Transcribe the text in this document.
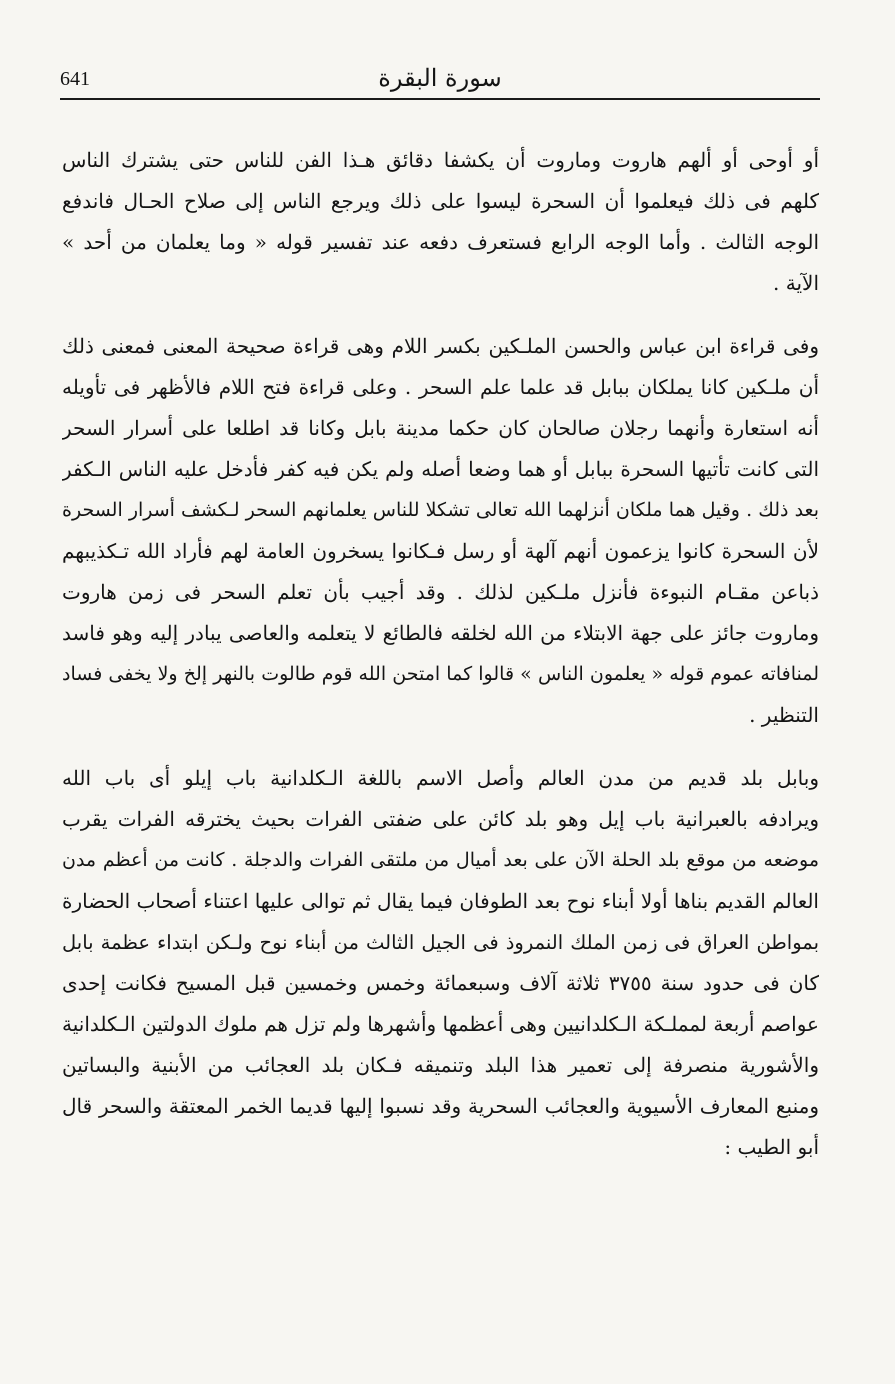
641	سورة البقرة
أو أوحى أو ألهم هاروت وماروت أن يكشفا دقائق هـذا الفن للناس حتى يشترك الناس
كلهم فى ذلك فيعلموا أن السحرة ليسوا على ذلك ويرجع الناس إلى صلاح الحـال فاندفع
الوجه الثالث . وأما الوجه الرابع فستعرف دفعه عند تفسير قوله « وما يعلمان من أحد »
الآية .
وفى قراءة ابن عباس والحسن الملـكين بكسر اللام وهى قراءة صحيحة المعنى فمعنى ذلك
أن ملـكين كانا يملكان ببابل قد علما علم السحر . وعلى قراءة فتح اللام فالأظهر فى تأويله
أنه استعارة وأنهما رجلان صالحان كان حكما مدينة بابل وكانا قد اطلعا على أسرار السحر
التى كانت تأتيها السحرة ببابل أو هما وضعا أصله ولم يكن فيه كفر فأدخل عليه الناس الـكفر
بعد ذلك . وقيل هما ملكان أنزلهما الله تعالى تشكلا للناس يعلمانهم السحر لـكشف أسرار السحرة
لأن السحرة كانوا يزعمون أنهم آلهة أو رسل فـكانوا يسخرون العامة لهم فأراد الله تـكذيبهم
ذباعن مقـام النبوءة فأنزل ملـكين لذلك . وقد أجيب بأن تعلم السحر فى زمن هاروت
وماروت جائز على جهة الابتلاء من الله لخلقه فالطائع لا يتعلمه والعاصى يبادر إليه وهو فاسد
لمنافاته عموم قوله « يعلمون الناس » قالوا كما امتحن الله قوم طالوت بالنهر إلخ ولا يخفى فساد
التنظير .
وبابل بلد قديم من مدن العالم وأصل الاسم باللغة الـكلدانية باب إيلو أى باب الله
ويرادفه بالعبرانية باب إيل وهو بلد كائن على ضفتى الفرات بحيث يخترقه الفرات يقرب
موضعه من موقع بلد الحلة الآن على بعد أميال من ملتقى الفرات والدجلة . كانت من أعظم مدن
العالم القديم بناها أولا أبناء نوح بعد الطوفان فيما يقال ثم توالى عليها اعتناء أصحاب الحضارة
بمواطن العراق فى زمن الملك النمروذ فى الجيل الثالث من أبناء نوح ولـكن ابتداء عظمة بابل
كان فى حدود سنة ٣٧٥٥ ثلاثة آلاف وسبعمائة وخمس وخمسين قبل المسيح فكانت إحدى
عواصم أربعة لمملـكة الـكلدانيين وهى أعظمها وأشهرها ولم تزل هم ملوك الدولتين الـكلدانية
والأشورية منصرفة إلى تعمير هذا البلد وتنميقه فـكان بلد العجائب من الأبنية والبساتين
ومنبع المعارف الأسيوية والعجائب السحرية وقد نسبوا إليها قديما الخمر المعتقة والسحر قال
أبو الطيب :
